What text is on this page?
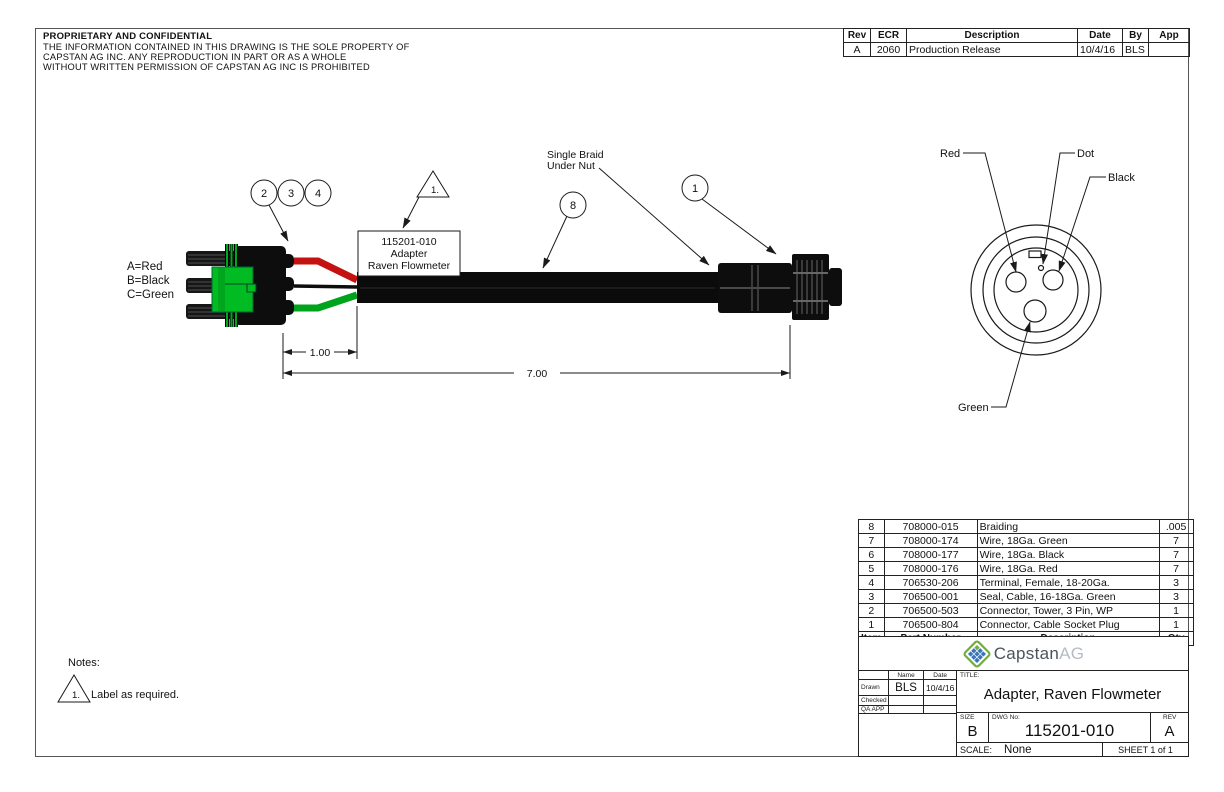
PROPRIETARY AND CONFIDENTIAL
THE INFORMATION CONTAINED IN THIS DRAWING IS THE SOLE PROPERTY OF
CAPSTAN AG INC. ANY REPRODUCTION IN PART OR AS A WHOLE
WITHOUT WRITTEN PERMISSION OF CAPSTAN AG INC IS PROHIBITED
Rev	ECR	Description	Date	By	App
A	2060	Production Release	10/4/16	BLS	
A=Red
B=Black
C=Green
2 3 4
8
1
1.
115201-010
Adapter
Raven Flowmeter
Single Braid
Under Nut
1.00
7.00
Red	Dot
Black
Green
Notes:
1. Label as required.
8	708000-015	Braiding	.005
7	708000-174	Wire, 18Ga. Green	7
6	708000-177	Wire, 18Ga. Black	7
5	708000-176	Wire, 18Ga. Red	7
4	706530-206	Terminal, Female, 18-20Ga.	3
3	706500-001	Seal, Cable, 16-18Ga. Green	3
2	706500-503	Connector, Tower, 3 Pin, WP	1
1	706500-804	Connector, Cable Socket Plug	1

Capstan AG
Name	Date
Drawn	BLS	10/4/16
Checked
QA APP
TITLE:
Adapter, Raven Flowmeter
SIZE
B
DWG No:
115201-010
REV
A
SCALE: None	SHEET 1 of 1
